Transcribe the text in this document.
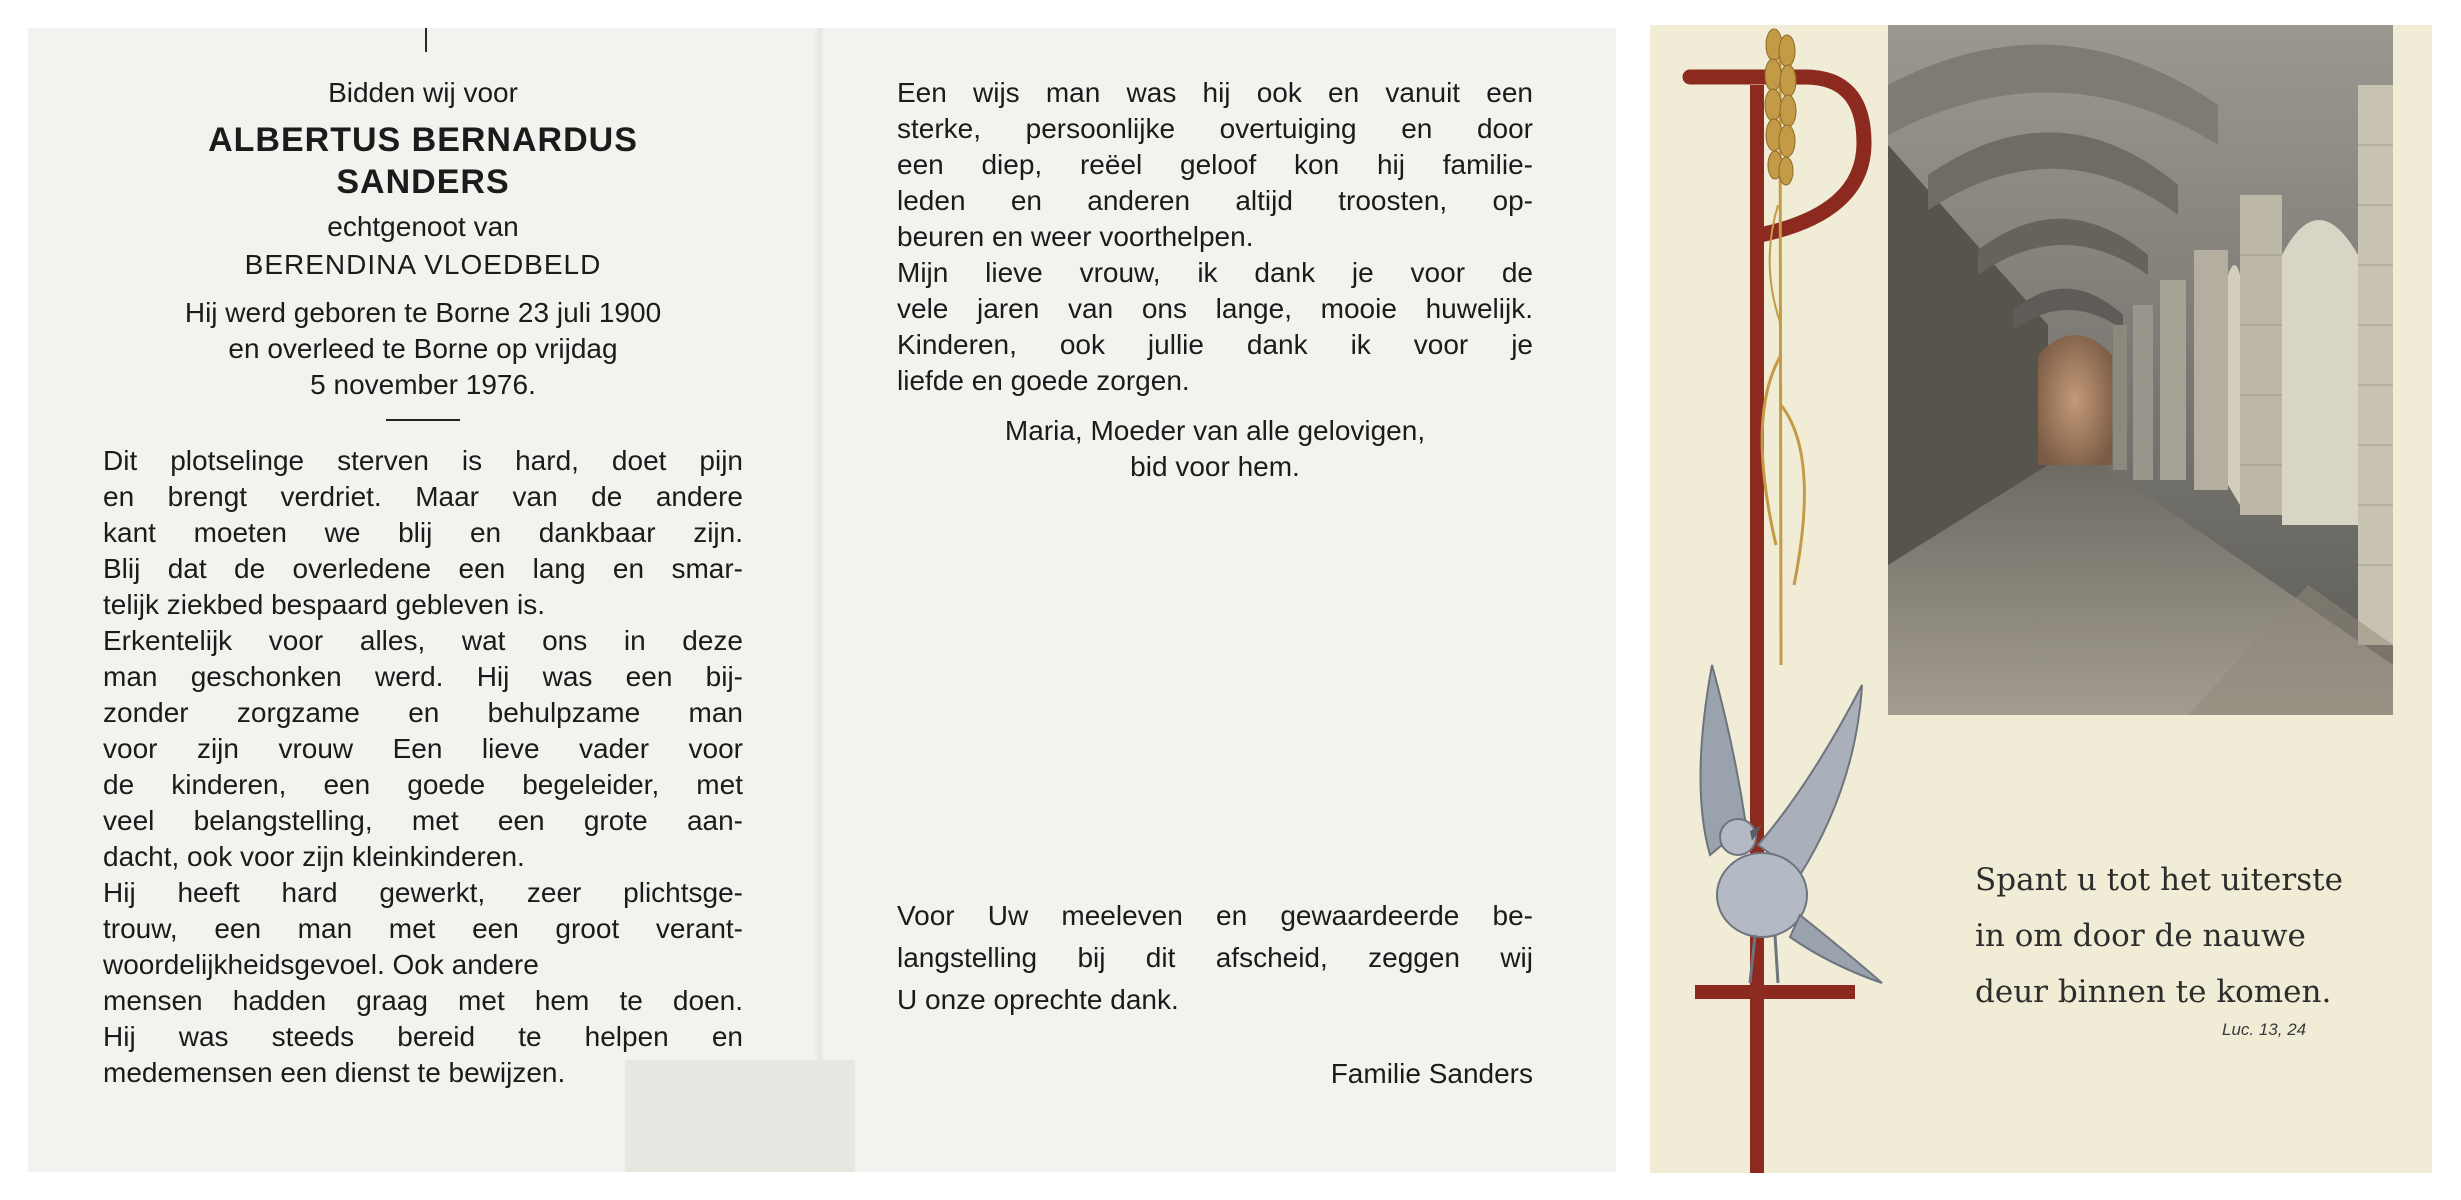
Bidden wij voor
ALBERTUS BERNARDUS
SANDERS
echtgenoot van
BERENDINA VLOEDBELD
Hij werd geboren te Borne 23 juli 1900
en overleed te Borne op vrijdag
5 november 1976.
Dit plotselinge sterven is hard, doet pijn
en brengt verdriet. Maar van de andere
kant moeten we blij en dankbaar zijn.
Blij dat de overledene een lang en smar-
telijk ziekbed bespaard gebleven is.
Erkentelijk voor alles, wat ons in deze
man geschonken werd. Hij was een bij-
zonder zorgzame en behulpzame man
voor zijn vrouw Een lieve vader voor
de kinderen, een goede begeleider, met
veel belangstelling, met een grote aan-
dacht, ook voor zijn kleinkinderen.
Hij heeft hard gewerkt, zeer plichtsge-
trouw, een man met een groot verant-
woordelijkheidsgevoel. Ook andere
mensen hadden graag met hem te doen.
Hij was steeds bereid te helpen en
medemensen een dienst te bewijzen.
Een wijs man was hij ook en vanuit een
sterke, persoonlijke overtuiging en door
een diep, reëel geloof kon hij familie-
leden en anderen altijd troosten, op-
beuren en weer voorthelpen.
Mijn lieve vrouw, ik dank je voor de
vele jaren van ons lange, mooie huwelijk.
Kinderen, ook jullie dank ik voor je
liefde en goede zorgen.
Maria, Moeder van alle gelovigen,
bid voor hem.
Voor Uw meeleven en gewaardeerde be-
langstelling bij dit afscheid, zeggen wij
U onze oprechte dank.
Familie Sanders
Spant u tot het uiterste
in om door de nauwe
deur binnen te komen.
Luc. 13, 24
